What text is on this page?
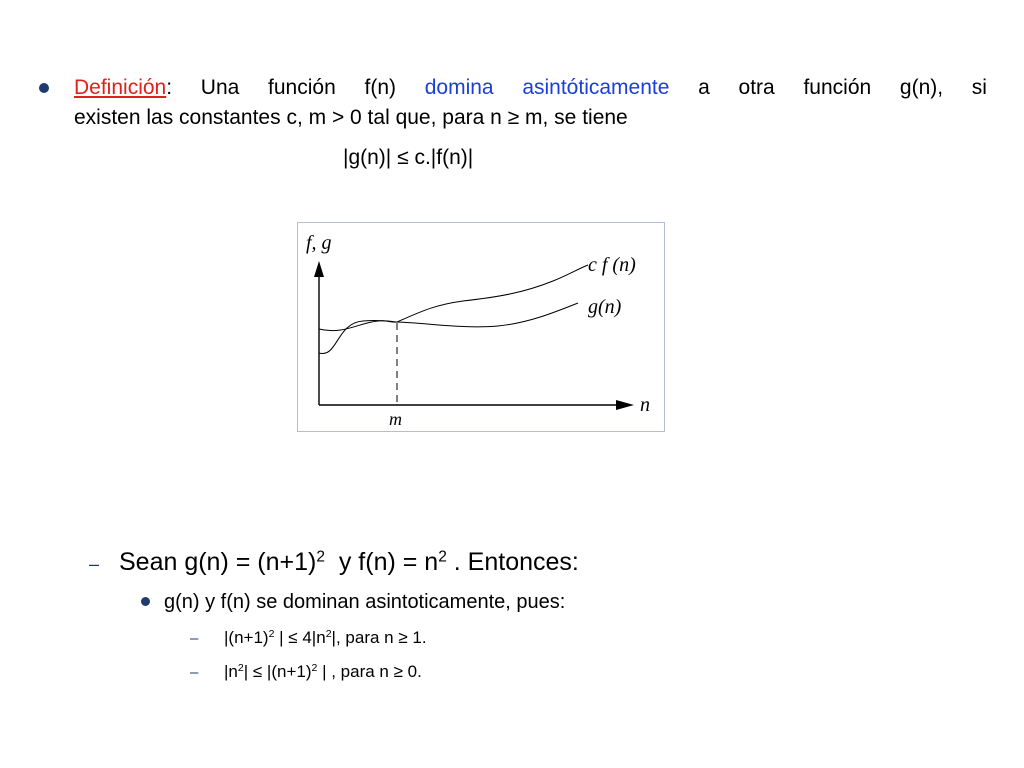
Definición: Una función f(n) domina asintóticamente a otra función g(n), si
existen las constantes c, m > 0 tal que, para n ≥ m, se tiene
|g(n)| ≤ c.|f(n)|
f, g
n
m
c f (n)
g(n)
– Sean $g(n) = (n+1)^2$  y $f(n) = n^2$ . Entonces:
g(n) y f(n) se dominan asintoticamente, pues:
– $|(n+1)^2$ | ≤ $4|n^2|$, para n ≥ 1.
– $|n^2| \le |(n+1)^2$ | , para n ≥ 0.
